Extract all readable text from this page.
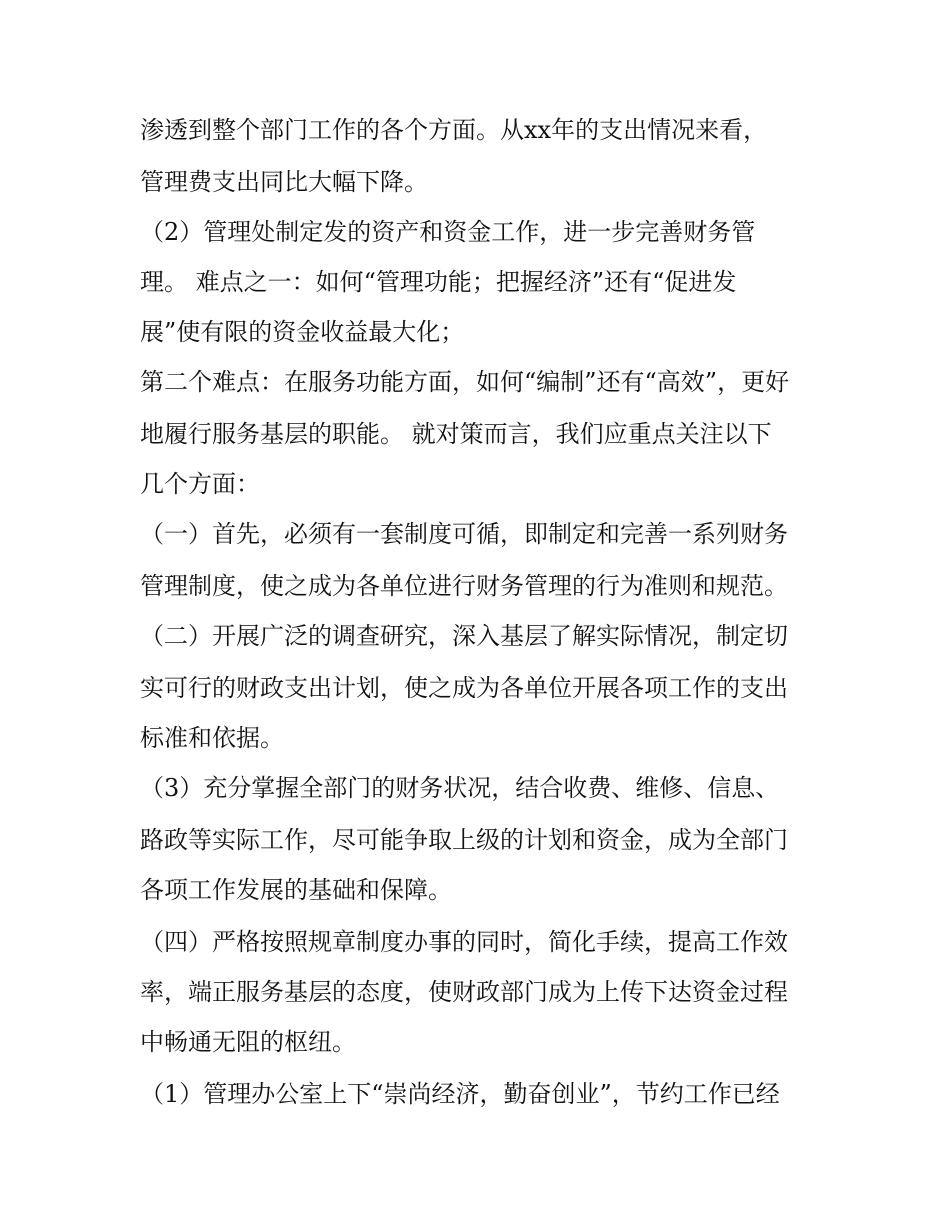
渗透到整个部门工作的各个方面。从xx年的支出情况来看，
管理费支出同比大幅下降。
（2）管理处制定发的资产和资金工作，进一步完善财务管
理。 难点之一：如何“管理功能；把握经济”还有“促进发
展”使有限的资金收益最大化；
第二个难点：在服务功能方面，如何“编制”还有“高效”，更好
地履行服务基层的职能。 就对策而言，我们应重点关注以下
几个方面：
（一）首先，必须有一套制度可循，即制定和完善一系列财务
管理制度，使之成为各单位进行财务管理的行为准则和规范。
（二）开展广泛的调查研究，深入基层了解实际情况，制定切
实可行的财政支出计划，使之成为各单位开展各项工作的支出
标准和依据。
（3）充分掌握全部门的财务状况，结合收费、维修、信息、
路政等实际工作，尽可能争取上级的计划和资金，成为全部门
各项工作发展的基础和保障。
（四）严格按照规章制度办事的同时，简化手续，提高工作效
率，端正服务基层的态度，使财政部门成为上传下达资金过程
中畅通无阻的枢纽。
（1）管理办公室上下“崇尚经济，勤奋创业”，节约工作已经
